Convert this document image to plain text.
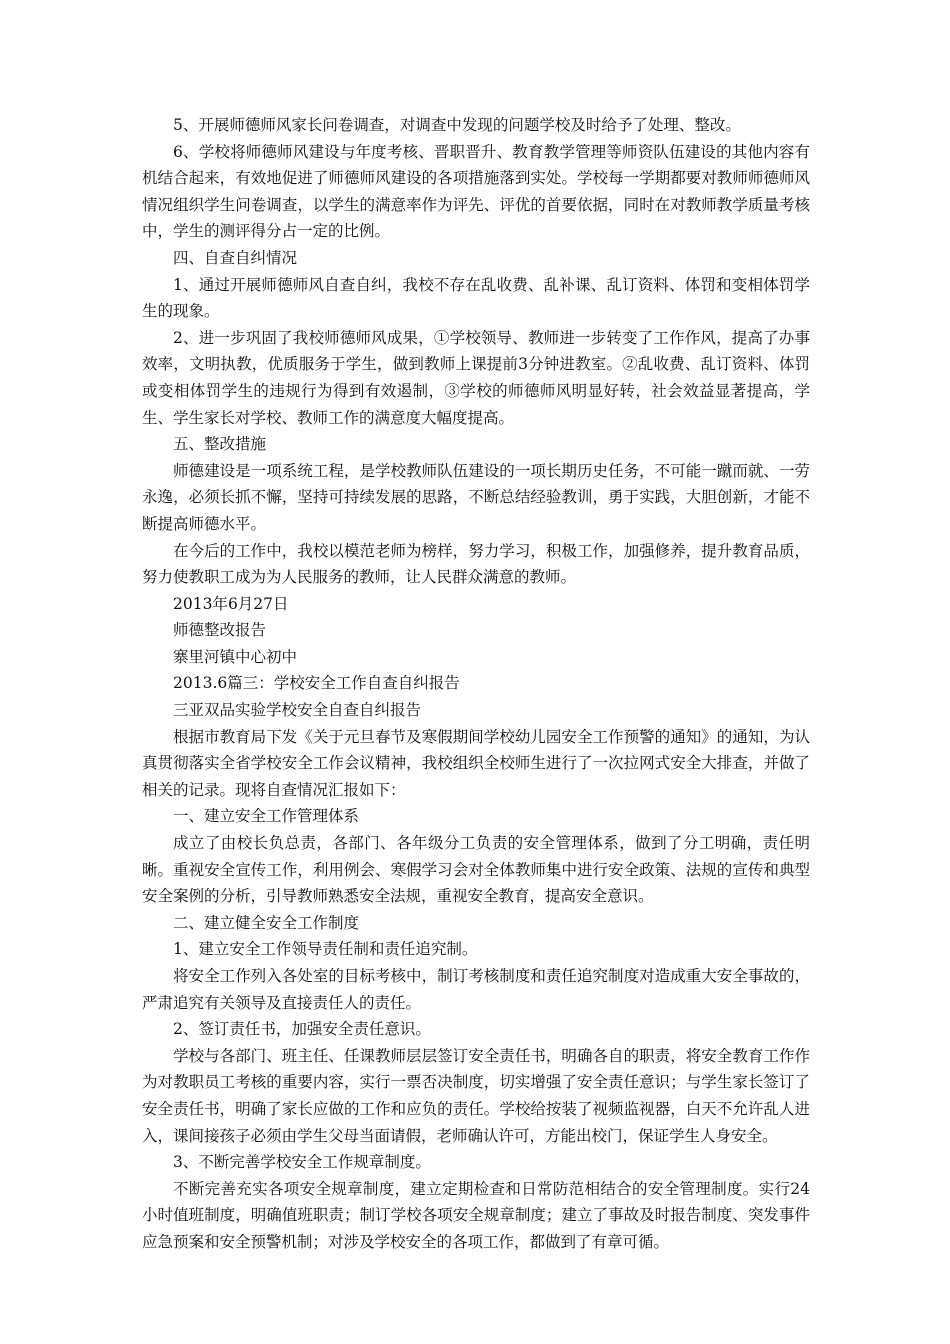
5、开展师德师风家长问卷调查，对调查中发现的问题学校及时给予了处理、整改。

6、学校将师德师风建设与年度考核、晋职晋升、教育教学管理等师资队伍建设的其他内容有机结合起来，有效地促进了师德师风建设的各项措施落到实处。学校每一学期都要对教师师德师风情况组织学生问卷调查，以学生的满意率作为评先、评优的首要依据，同时在对教师教学质量考核中，学生的测评得分占一定的比例。

四、自查自纠情况

1、通过开展师德师风自查自纠，我校不存在乱收费、乱补课、乱订资料、体罚和变相体罚学生的现象。

2、进一步巩固了我校师德师风成果，①学校领导、教师进一步转变了工作作风，提高了办事效率，文明执教，优质服务于学生，做到教师上课提前3分钟进教室。②乱收费、乱订资料、体罚或变相体罚学生的违规行为得到有效遏制，③学校的师德师风明显好转，社会效益显著提高，学生、学生家长对学校、教师工作的满意度大幅度提高。

五、整改措施

师德建设是一项系统工程，是学校教师队伍建设的一项长期历史任务，不可能一蹴而就、一劳永逸，必须长抓不懈，坚持可持续发展的思路，不断总结经验教训，勇于实践，大胆创新，才能不断提高师德水平。

在今后的工作中，我校以模范老师为榜样，努力学习，积极工作，加强修养，提升教育品质，努力使教职工成为为人民服务的教师，让人民群众满意的教师。

2013年6月27日

师德整改报告

寨里河镇中心初中

2013.6篇三：学校安全工作自查自纠报告

三亚双品实验学校安全自查自纠报告

根据市教育局下发《关于元旦春节及寒假期间学校幼儿园安全工作预警的通知》的通知，为认真贯彻落实全省学校安全工作会议精神，我校组织全校师生进行了一次拉网式安全大排查，并做了相关的记录。现将自查情况汇报如下：

一、建立安全工作管理体系

成立了由校长负总责，各部门、各年级分工负责的安全管理体系，做到了分工明确，责任明晰。重视安全宣传工作，利用例会、寒假学习会对全体教师集中进行安全政策、法规的宣传和典型安全案例的分析，引导教师熟悉安全法规，重视安全教育，提高安全意识。

二、建立健全安全工作制度

1、建立安全工作领导责任制和责任追究制。

将安全工作列入各处室的目标考核中，制订考核制度和责任追究制度对造成重大安全事故的，严肃追究有关领导及直接责任人的责任。

2、签订责任书，加强安全责任意识。

学校与各部门、班主任、任课教师层层签订安全责任书，明确各自的职责，将安全教育工作作为对教职员工考核的重要内容，实行一票否决制度，切实增强了安全责任意识；与学生家长签订了安全责任书，明确了家长应做的工作和应负的责任。学校给按装了视频监视器，白天不允许乱人进入，课间接孩子必须由学生父母当面请假，老师确认许可，方能出校门，保证学生人身安全。

3、不断完善学校安全工作规章制度。

不断完善充实各项安全规章制度，建立定期检查和日常防范相结合的安全管理制度。实行24小时值班制度，明确值班职责；制订学校各项安全规章制度；建立了事故及时报告制度、突发事件应急预案和安全预警机制；对涉及学校安全的各项工作，都做到了有章可循。
